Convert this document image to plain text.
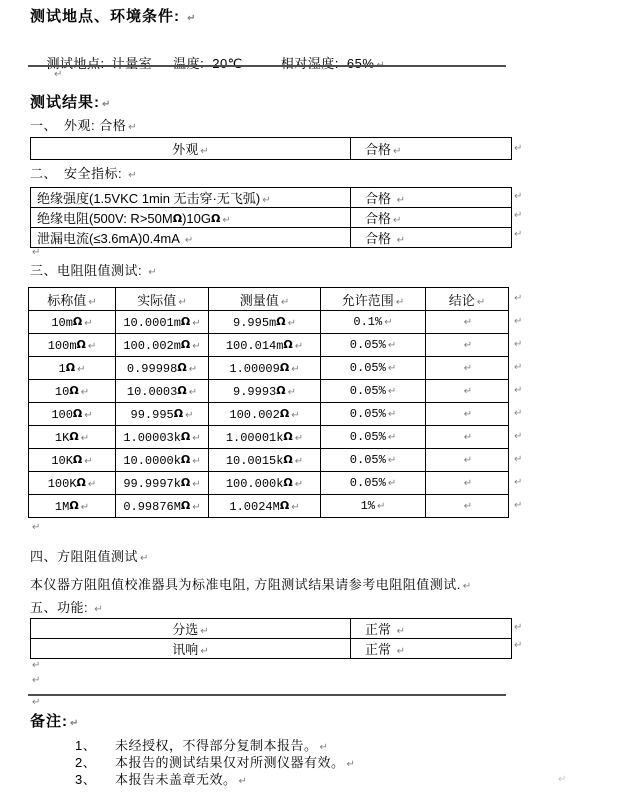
测试地点、环境条件: ↵

测试地点: 计量室 温度: 20℃	相对湿度: 65% ↵

↵
测试结果: ↵
一、　外观: 合格 ↵
外观 ↵	合格 ↵	↵
二、　安全指标: ↵
绝缘强度(1.5VKC 1min 无击穿·无飞弧) ↵	合格 ↵
绝缘电阻(500V: R>50MΩ)10GΩ ↵	合格 ↵
泄漏电流(≤3.6mA)0.4mA ↵	合格 ↵
↵
↵
↵
↵
三、电阻阻值测试: ↵
标称值 ↵	实际值 ↵	测量值 ↵	允许范围 ↵	结论 ↵
10mΩ ↵	10.0001mΩ ↵	9.995mΩ ↵	0.1% ↵	↵
100mΩ ↵	100.002mΩ ↵	100.014mΩ ↵	0.05% ↵	↵
1Ω ↵	0.99998Ω ↵	1.00009Ω ↵	0.05% ↵	↵
10Ω ↵	10.0003Ω ↵	9.9993Ω ↵	0.05% ↵	↵
100Ω ↵	99.995Ω ↵	100.002Ω ↵	0.05% ↵	↵
1KΩ ↵	1.00003kΩ ↵	1.00001kΩ ↵	0.05% ↵	↵
10KΩ ↵	10.0000kΩ ↵	10.0015kΩ ↵	0.05% ↵	↵
100KΩ ↵	99.9997kΩ ↵	100.000kΩ ↵	0.05% ↵	↵
1MΩ ↵	0.99876MΩ ↵	1.0024MΩ ↵	1% ↵	↵
↵
↵
↵
↵
↵
↵
↵
↵
↵
↵
↵
四、方阻阻值测试 ↵
本仪器方阻阻值校准器具为标准电阻, 方阻测试结果请参考电阻阻值测试. ↵
五、功能: ↵
分选 ↵	正常 ↵
讯响 ↵	正常 ↵
↵
↵
↵
↵
↵
备注: ↵
1、 未经授权，不得部分复制本报告。 ↵
2、 本报告的测试结果仅对所测仪器有效。 ↵
3、 本报告未盖章无效。 ↵	↵
